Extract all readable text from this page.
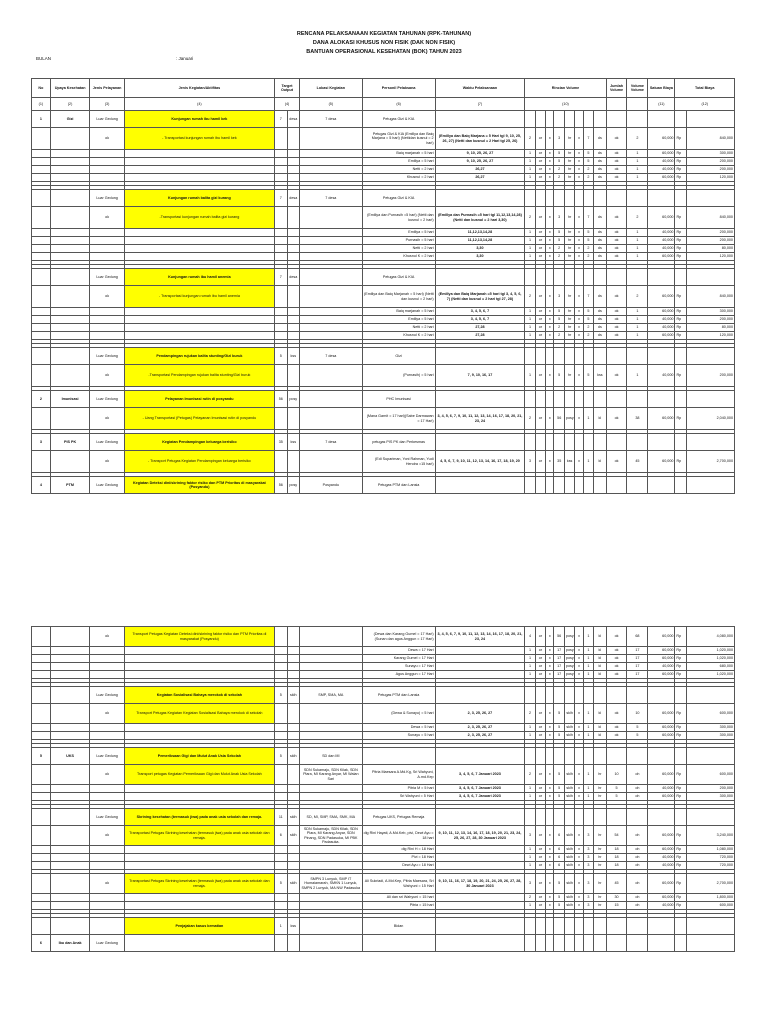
RENCANA PELAKSANAAN KEGIATAN TAHUNAN (RPK-TAHUNAN)
DANA ALOKASI KHUSUS NON FISIK (DAK NON FISIK)
BANTUAN OPERASIONAL KESEHATAN (BOK) TAHUN 2023
BULAN	: Januari
No	Upaya Kesehatan	Jenis Pelayanan	Jenis Kegiatan/Aktifitas	Target Output		Lokasi Kegiatan	Personil Pelaksana	Waktu Pelaksanaan	Rincian Volume								Jumlah Volume	Volume Volume	Satuan Biaya	Total Biaya	
(1)	(2)	(3)	(4)	(4)		(5)	(6)	(7)	(10)										(11)	(12)	
1	Gizi	Luar Gedung	Kunjungan rumah ibu hamil kek	7	desa	7 desa	Petugas Gizi & KIA														
		ok	- Transportasi kunjungan rumah ibu hamil kek				Petugas Gizi & KIA (Emillya dan Baiq Marjana = 5 hari) (Nettidan kusnul = 2 hari)	(Emillya dan Baiq Marjana = 5 Hari tgl 9, 10, 25, 26, 27) (Netti dan kusnul = 2 Hari tgl 25, 26)	2	or	x	3	hr	x	7	ds	ok	2	60,000	Rp	840,000
							Baiq marjanah = 5 hari	9, 10, 25, 26, 27	1	or	x	5	hr	x	5	ds	ok	1	60,000	Rp	300,000
							Emillya = 5 hari	9, 10, 25, 26, 27	1	or	x	5	hr	x	5	ds	ok	1	40,000	Rp	200,000
							Netti = 2 hari	26,27	1	or	x	2	hr	x	2	ds	ok	1	40,000	Rp	200,000
							Khusnul = 2 hari	26,27	1	or	x	2	hr	x	2	ds	ok	1	60,000	Rp	120,000

		Luar Gedung	Kunjungan rumah balita gizi kurang	7	desa	7 desa	Petugas Gizi & KIA														
		ok	-Transportasi kunjungan rumah balita gizi kurang				(Emillya dan Purnasih =5 hari) (Netti dan kusnul = 2 hari)	(Emillya dan Purnasih =5 hari tgl 11,12,13,14,28) (Netti dan kusnul = 2 hari 3,30)	2	or	x	3	hr	x	7	ds	ok	2	60,000	Rp	840,000
							Emillya = 5 hari	11,12,13,14,28	1	or	x	5	hr	x	5	ds	ok	1	40,000	Rp	200,000
							Purnasih = 5 hari	11,12,13,14,28	1	or	x	5	hr	x	5	ds	ok	1	40,000	Rp	200,000
							Netti = 2 hari	3,30	1	or	x	2	hr	x	2	ds	ok	1	40,000	Rp	80,000
							Khusnul K = 2 hari	3,30	1	or	x	2	hr	x	2	ds	ok	1	60,000	Rp	120,000

		Luar Gedung	Kunjungan rumah ibu hamil anemia	7	desa		Petugas Gizi & KIA														
		ok	- Transportasi kunjungan rumah ibu hamil anemia				(Emillya dan Baiq Marjanah = 5 hari) (Netti dan kusnul = 2 hari)	(Emillya dan Baiq Marjanah =5 hari tgl 3, 4, 5, 6, 7) (Netti dan kusnul = 2 hari tgl 27, 28)	2	or	x	3	hr	x	7	ds	ok	2	60,000	Rp	840,000
							Baiq marjanah = 5 hari	3, 4, 5, 6, 7	1	or	x	5	hr	x	5	ds	ok	1	60,000	Rp	300,000
							Emillya = 5 hari	3, 4, 5, 6, 7	1	or	x	5	hr	x	5	ds	ok	1	40,000	Rp	200,000
							Netti = 2 hari	27,28	1	or	x	2	hr	x	2	ds	ok	1	40,000	Rp	80,000
							Khusnul K = 2 hari	27,28	1	or	x	2	hr	x	2	ds	ok	1	60,000	Rp	120,000

		Luar Gedung	Pendampingan rujukan balita stunting/Gizi buruk	5	kss	7 desa	Gizi														
		ok	-Transportasi Pendampingan rujukan balita stunting/Gizi buruk				(Purnasih) = 5 hari	7, 9, 10, 16, 17	1	or	x	5	hr	x	5	kss	ok	1	40,000	Rp	200,000

2	Imunisasi	Luar Gedung	Pelayanan Imunisasi rutin di posyandu	56	posy		PHC Imunisasi														
		ok	- Uang Transportasi (Petugas) Pelayanan Imunisasi rutin di posyandu				(Mana Garnit = 17 hari)(Sabe Darmawan = 17 Hari)	3, 4, 5, 6, 7, 9, 10, 11, 12, 13, 14, 16, 17, 18, 20, 21, 23, 24	2	or	x	56	posy	x	1	kl	ok	38	60,000	Rp	2,040,000

3	PIS PK	Luar Gedung	Kegiatan Pendampingan keluarga berisiko	35	kss	7 desa	petugas PIS PK dan Perkesmas														
		ok	- Transport Petugas Kegiatan Pendampingan keluarga berisiko				(Edi Supariman, Yoni Rahman, Yudi Hendra =15 hari)	4, 5, 6, 7, 9, 10, 11, 12, 13, 14, 16, 17, 18, 19, 20	3	or	x	35	kss	x	1	kl	ok	45	60,000	Rp	2,700,000

4	PTM	Luar Gedung	Kegiatan Deteksi dini/skrining faktor risiko dan PTM Prioritas di masyarakat (Posyandu)	56	posy	Posyandu	Petugas PTM dan Lansia														
		ok	Transport Petugas Kegiatan Deteksi dini/skrining faktor risiko dan PTM Prioritas di masyarakat (Posyandu)				(Dewa dan Karang Gumel = 17 Hari) (Sunan dan agus Anggun = 17 Hari)	3, 4, 5, 6, 7, 9, 10, 11, 12, 13, 14, 16, 17, 18, 20, 21, 23, 24	4	or	x	56	posy	x	1	kl	ok	68	60,000	Rp	4,080,000
							Dewa = 17 Hari		1	or	x	17	posy	x	1	kl	ok	17	60,000	Rp	1,020,000
							Karang Gumel = 17 Hari		1	or	x	17	posy	x	1	kl	ok	17	60,000	Rp	1,020,000
							Sunayu = 17 Hari		1	or	x	17	posy	x	1	kl	ok	17	40,000	Rp	680,000
							Agus Anggun = 17 Hari		1	or	x	17	posy	x	1	kl	ok	17	60,000	Rp	1,020,000

		Luar Gedung	Kegiatan Sosialisasi Bahaya merokok di sekolah	5	sklh	SMP, SMA, MA	Petugas PTM dan Lansia														
		ok	Transport Petugas Kegiatan Kegiatan Sosialisasi Bahaya merokok di sekolah				(Dewa & Sunayu) = 5 hari	2, 3, 25, 26, 27	2	or	x	5	sklh	x	1	kl	ok	10	60,000	Rp	600,000
							Dewa = 5 hari	2, 3, 25, 26, 27	1	or	x	5	sklh	x	1	kl	ok	5	60,000	Rp	300,000
							Sunayu = 5 hari	2, 3, 25, 26, 27	1	or	x	5	sklh	x	1	kl	ok	5	60,000	Rp	300,000

5	UKS	Luar Gedung	Pemeriksaan Gigi dan Mulut Anak Usia Sekolah	5	sklh	SD dan MI															
		ok	Transport petugas Kegiatan Pemeriksaan Gigi dan Mulut Anak Usia Sekolah			SDN Sukamaju, SDN Kilak, SDN Plara, MI Karang Anyar, MI Walan Sari	Pitria Maesara A.Md.Kg, Sri Wahyuni, A.md.Kep	3, 4, 5, 6, 7 Januari 2023	2	or	x	5	sklh	x	1	hr	10	oh	60,000	Rp	600,000
							Pitria M = 5 hari	3, 4, 5, 6, 7 Januari 2023	1	or	x	5	sklh	x	1	hr	5	oh	40,000	Rp	200,000
							Sri Wahyuni = 5 Hari	3, 4, 5, 6, 7 Januari 2023	1	or	x	5	sklh	x	1	hr	5	oh	60,000	Rp	300,000

		Luar Gedung	Skrining kesehatan (termasuk jiwa) pada anak usia sekolah dan remaja.	11	sklh	SD, MI, SMP, SMA, SMK, MA	Petugas UKS, Petugas Remaja														
		ok	Transportasi Petugas Skrining kesehatan (termasuk jiwa) pada anak usia sekolah dan remaja.	6	sklh	SDN Sukamaju, SDN Kilak, SDN Plara, MI Karang Anyar, SDN Pinang, SDN Padasuka, MI PBK Padasuka.	dig Rini Hayati, A.Md.Keb, pivi, Dewi Ayu = 18 hari	9, 10, 11, 12, 13, 14, 16, 17, 18, 19, 20, 21, 23, 24, 25, 26, 27, 28, 30 Januari 2023	3	or	x	6	sklh	x	3	hr	54	oh	60,000	Rp	3,240,000
							dig Rini H = 18 Hari		1	or	x	6	sklh	x	3	hr	18	oh	60,000	Rp	1,080,000
							Pivi = 18 Hari		1	or	x	6	sklh	x	3	hr	18	oh	40,000	Rp	720,000
							Dewi Ayu = 18 Hari		1	or	x	6	sklh	x	3	hr	18	oh	40,000	Rp	720,000

		ok	Transportasi Petugas Skrining kesehatan (termasuk jiwa) pada anak usia sekolah dan remaja.	5	sklh	SMPN 3 Lunyuk, SMP IT Humaiamarah, SMKN 1 Lunyuk, SMPN 2 Lunyuk, MA NW Padasuka	Ali Sukriadi, A.Md.Kep, Pitria Maesara, Sri Wahyuni = 15 Hari	9, 10, 11, 16, 17, 18, 19, 20, 21, 24, 25, 26, 27, 28, 30 Januari 2023	3	or	x	5	sklh	x	3	hr	45	oh	60,000	Rp	2,700,000
							Ali dan sri Wahyuni = 15 hari		2	or	x	5	sklh	x	3	hr	30	oh	60,000	Rp	1,800,000
							Pitria = 15 hari		1	or	x	5	sklh	x	3	hr	15	oh	40,000	Rp	600,000

			Penjajakan kasus kematian	1	kss		Bidan														
6	Ibu dan Anak	Luar Gedung																			
